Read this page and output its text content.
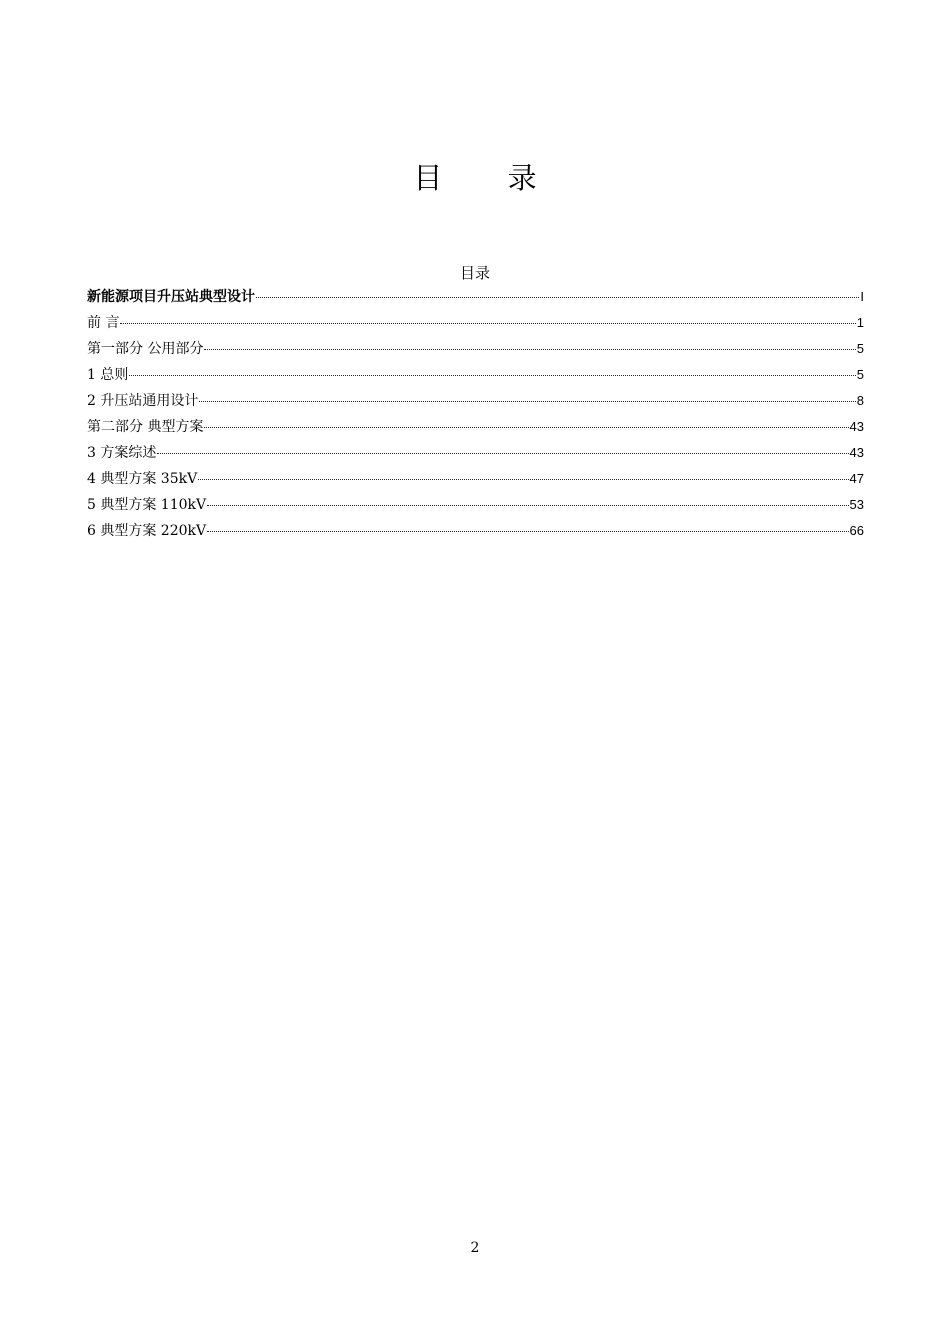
目 录
目录
新能源项目升压站典型设计	I
前 言	1
第一部分 公用部分	5
1 总则	5
2 升压站通用设计	8
第二部分 典型方案	43
3 方案综述	43
4 典型方案 35kV	47
5 典型方案 110kV	53
6 典型方案 220kV	66
2
